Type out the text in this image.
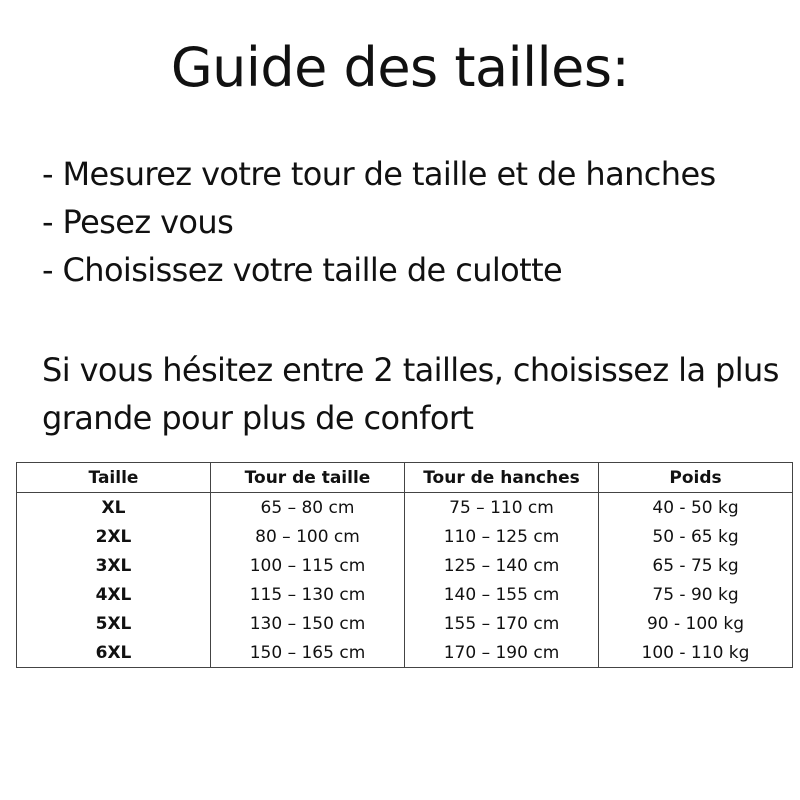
Guide des tailles:
- Mesurez votre tour de taille et de hanches
- Pesez vous
- Choisissez votre taille de culotte

Si vous hésitez entre 2 tailles, choisissez la plus grande pour plus de confort

Taille	Tour de taille	Tour de hanches	Poids
XL	65 – 80 cm	75 – 110 cm	40 - 50 kg
2XL	80 – 100 cm	110 – 125 cm	50 - 65 kg
3XL	100 – 115 cm	125 – 140 cm	65 - 75 kg
4XL	115 – 130 cm	140 – 155 cm	75 - 90 kg
5XL	130 – 150 cm	155 – 170 cm	90 - 100 kg
6XL	150 – 165 cm	170 – 190 cm	100 - 110 kg
